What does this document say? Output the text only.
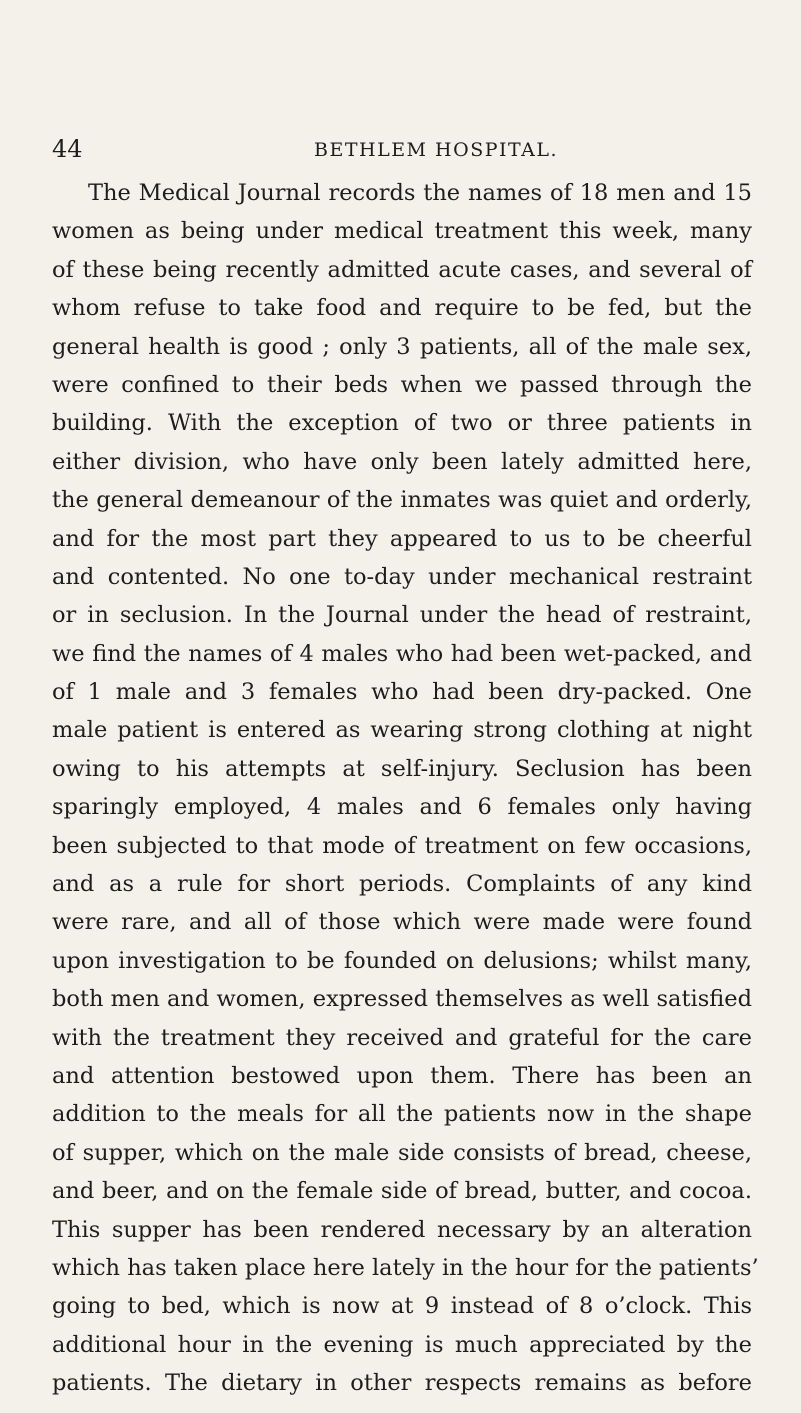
44	BETHLEM HOSPITAL.
The Medical Journal records the names of 18 men and 15
women as being under medical treatment this week, many
of these being recently admitted acute cases, and several of
whom refuse to take food and require to be fed, but the
general health is good ; only 3 patients, all of the male sex,
were confined to their beds when we passed through the
building. With the exception of two or three patients in
either division, who have only been lately admitted here,
the general demeanour of the inmates was quiet and orderly,
and for the most part they appeared to us to be cheerful
and contented. No one to-day under mechanical restraint
or in seclusion. In the Journal under the head of restraint,
we find the names of 4 males who had been wet-packed, and
of 1 male and 3 females who had been dry-packed. One
male patient is entered as wearing strong clothing at night
owing to his attempts at self-injury. Seclusion has been
sparingly employed, 4 males and 6 females only having
been subjected to that mode of treatment on few occasions,
and as a rule for short periods. Complaints of any kind
were rare, and all of those which were made were found
upon investigation to be founded on delusions; whilst many,
both men and women, expressed themselves as well satisfied
with the treatment they received and grateful for the care
and attention bestowed upon them. There has been an
addition to the meals for all the patients now in the shape
of supper, which on the male side consists of bread, cheese,
and beer, and on the female side of bread, butter, and cocoa.
This supper has been rendered necessary by an alteration
which has taken place here lately in the hour for the patients’
going to bed, which is now at 9 instead of 8 o’clock. This
additional hour in the evening is much appreciated by the
patients. The dietary in other respects remains as before
